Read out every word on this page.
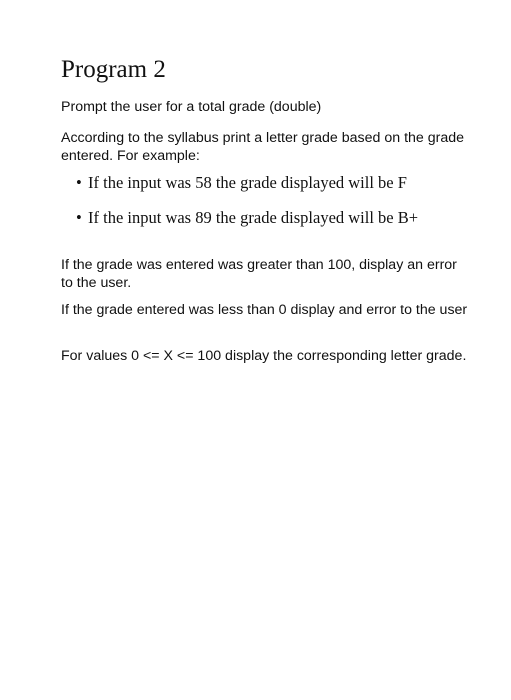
Program 2

Prompt the user for a total grade (double)

According to the syllabus print a letter grade based on the grade entered. For example:

• If the input was 58 the grade displayed will be F
• If the input was 89 the grade displayed will be B+

If the grade was entered was greater than 100, display an error to the user.

If the grade entered was less than 0 display and error to the user

For values 0 <= X <= 100 display the corresponding letter grade.
